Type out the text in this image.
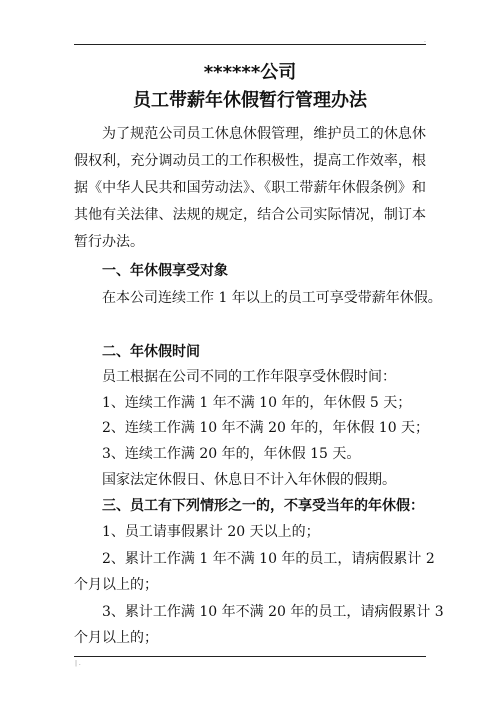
.
******公司
员工带薪年休假暂行管理办法
为了规范公司员工休息休假管理，维护员工的休息休假权利，充分调动员工的工作积极性，提高工作效率，根据《中华人民共和国劳动法》、《职工带薪年休假条例》和其他有关法律、法规的规定，结合公司实际情况，制订本暂行办法。
一、年休假享受对象
在本公司连续工作 1 年以上的员工可享受带薪年休假。
二、年休假时间
员工根据在公司不同的工作年限享受休假时间：
1、连续工作满 1 年不满 10 年的，年休假 5 天；
2、连续工作满 10 年不满 20 年的，年休假 10 天；
3、连续工作满 20 年的，年休假 15 天。
国家法定休假日、休息日不计入年休假的假期。
三、员工有下列情形之一的，不享受当年的年休假：
1、员工请事假累计 20 天以上的；
2、累计工作满 1 年不满 10 年的员工，请病假累计 2
个月以上的；
3、累计工作满 10 年不满 20 年的员工，请病假累计 3
个月以上的；
| .
